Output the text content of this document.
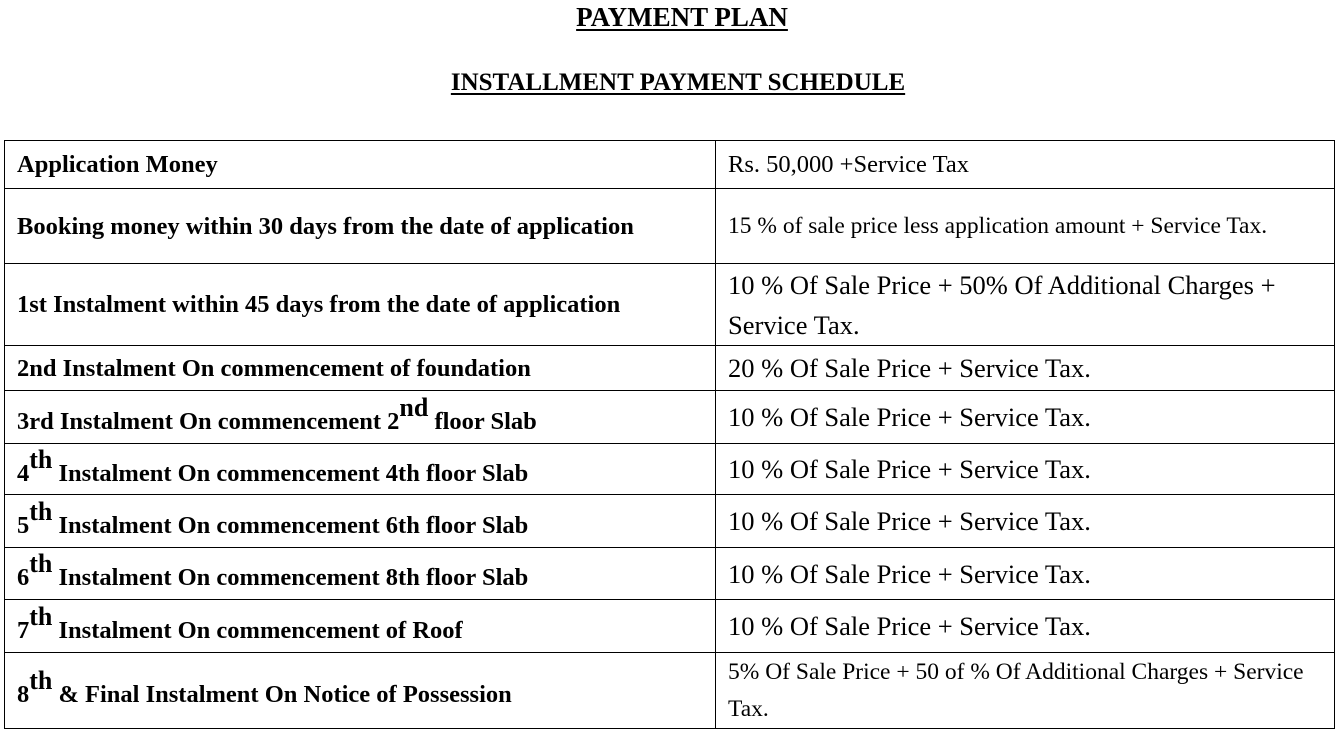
PAYMENT PLAN
INSTALLMENT PAYMENT SCHEDULE
Application Money	Rs. 50,000 +Service Tax
Booking money within 30 days from the date of application	15 % of sale price less application amount + Service Tax.
1st Instalment within 45 days from the date of application	10 % Of Sale Price + 50% Of Additional Charges + Service Tax.
2nd Instalment On commencement of foundation	20 % Of Sale Price + Service Tax.
3rd Instalment On commencement 2nd floor Slab	10 % Of Sale Price + Service Tax.
4th Instalment On commencement 4th floor Slab	10 % Of Sale Price + Service Tax.
5th Instalment On commencement 6th floor Slab	10 % Of Sale Price + Service Tax.
6th Instalment On commencement 8th floor Slab	10 % Of Sale Price + Service Tax.
7th Instalment On commencement of Roof	10 % Of Sale Price + Service Tax.
8th & Final Instalment On Notice of Possession	5% Of Sale Price + 50 of % Of Additional Charges + Service Tax.
